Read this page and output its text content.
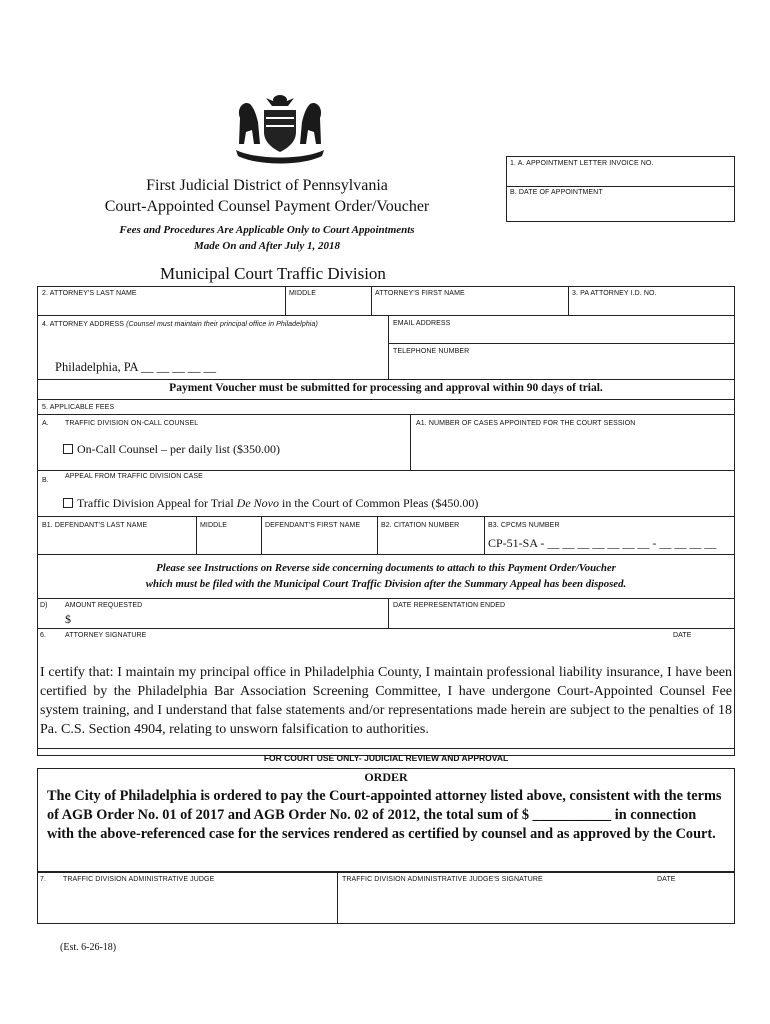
1. A. APPOINTMENT LETTER INVOICE NO.
B. DATE OF APPOINTMENT
First Judicial District of Pennsylvania
Court-Appointed Counsel Payment Order/Voucher
Fees and Procedures Are Applicable Only to Court Appointments
Made On and After July 1, 2018
Municipal Court Traffic Division
2. ATTORNEY'S LAST NAME	MIDDLE	ATTORNEY'S FIRST NAME	3. PA ATTORNEY I.D. NO.
4. ATTORNEY ADDRESS (Counsel must maintain their principal office in Philadelphia)	EMAIL ADDRESS
TELEPHONE NUMBER
Philadelphia, PA __ __ __ __ __
Payment Voucher must be submitted for processing and approval within 90 days of trial.
5. APPLICABLE FEES
A. TRAFFIC DIVISION ON-CALL COUNSEL	A1. NUMBER OF CASES APPOINTED FOR THE COURT SESSION
On-Call Counsel – per daily list ($350.00)
B.
APPEAL FROM TRAFFIC DIVISION CASE
Traffic Division Appeal for Trial De Novo in the Court of Common Pleas ($450.00)
B1. DEFENDANT'S LAST NAME	MIDDLE	DEFENDANT'S FIRST NAME	B2. CITATION NUMBER	B3. CPCMS NUMBER
CP-51-SA - __ __ __ __ __ __ __ - __ __ __ __
Please see Instructions on Reverse side concerning documents to attach to this Payment Order/Voucher
which must be filed with the Municipal Court Traffic Division after the Summary Appeal has been disposed.
D) AMOUNT REQUESTED
$
DATE REPRESENTATION ENDED
6.	ATTORNEY SIGNATURE	DATE
I certify that: I maintain my principal office in Philadelphia County, I maintain professional liability insurance, I have been certified by the Philadelphia Bar Association Screening Committee, I have undergone Court-Appointed Counsel Fee system training, and I understand that false statements and/or representations made herein are subject to the penalties of 18 Pa. C.S. Section 4904, relating to unsworn falsification to authorities.
FOR COURT USE ONLY- JUDICIAL REVIEW AND APPROVAL
ORDER
The City of Philadelphia is ordered to pay the Court-appointed attorney listed above, consistent with the terms of AGB Order No. 01 of 2017 and AGB Order No. 02 of 2012, the total sum of $ ___________ in connection with the above-referenced case for the services rendered as certified by counsel and as approved by the Court.
7. TRAFFIC DIVISION ADMINISTRATIVE JUDGE	TRAFFIC DIVISION ADMINISTRATIVE JUDGE'S SIGNATURE	DATE
(Est. 6-26-18)
